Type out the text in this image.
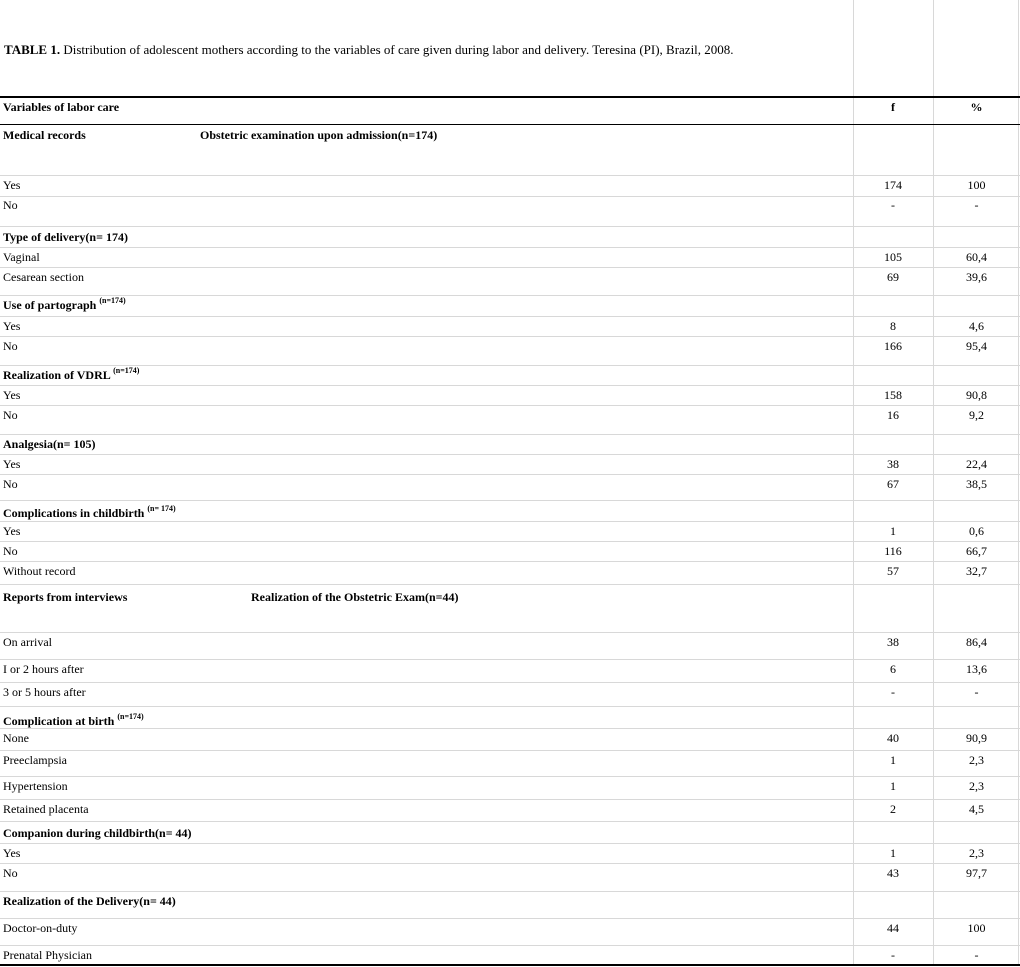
TABLE 1. Distribution of adolescent mothers according to the variables of care given during labor and delivery. Teresina (PI), Brazil, 2008.
Variables of labor care	f	%
Medical records	Obstetric examination upon admission(n=174)
Yes	174	100
No	-	-
Type of delivery(n= 174)
Vaginal	105	60,4
Cesarean section	69	39,6
Use of partograph $^{(n=174)}$
Yes	8	4,6
No	166	95,4
Realization of VDRL $^{(n=174)}$
Yes	158	90,8
No	16	9,2
Analgesia(n= 105)
Yes	38	22,4
No	67	38,5
Complications in childbirth $^{(n= 174)}$
Yes	1	0,6
No	116	66,7
Without record	57	32,7
Reports from interviews	Realization of the Obstetric Exam(n=44)
On arrival	38	86,4
I or 2 hours after	6	13,6
3 or 5 hours after	-	-
Complication at birth $^{(n=174)}$
None	40	90,9
Preeclampsia	1	2,3
Hypertension	1	2,3
Retained placenta	2	4,5
Companion during childbirth(n= 44)
Yes	1	2,3
No	43	97,7
Realization of the Delivery(n= 44)
Doctor-on-duty	44	100
Prenatal Physician	-	-
